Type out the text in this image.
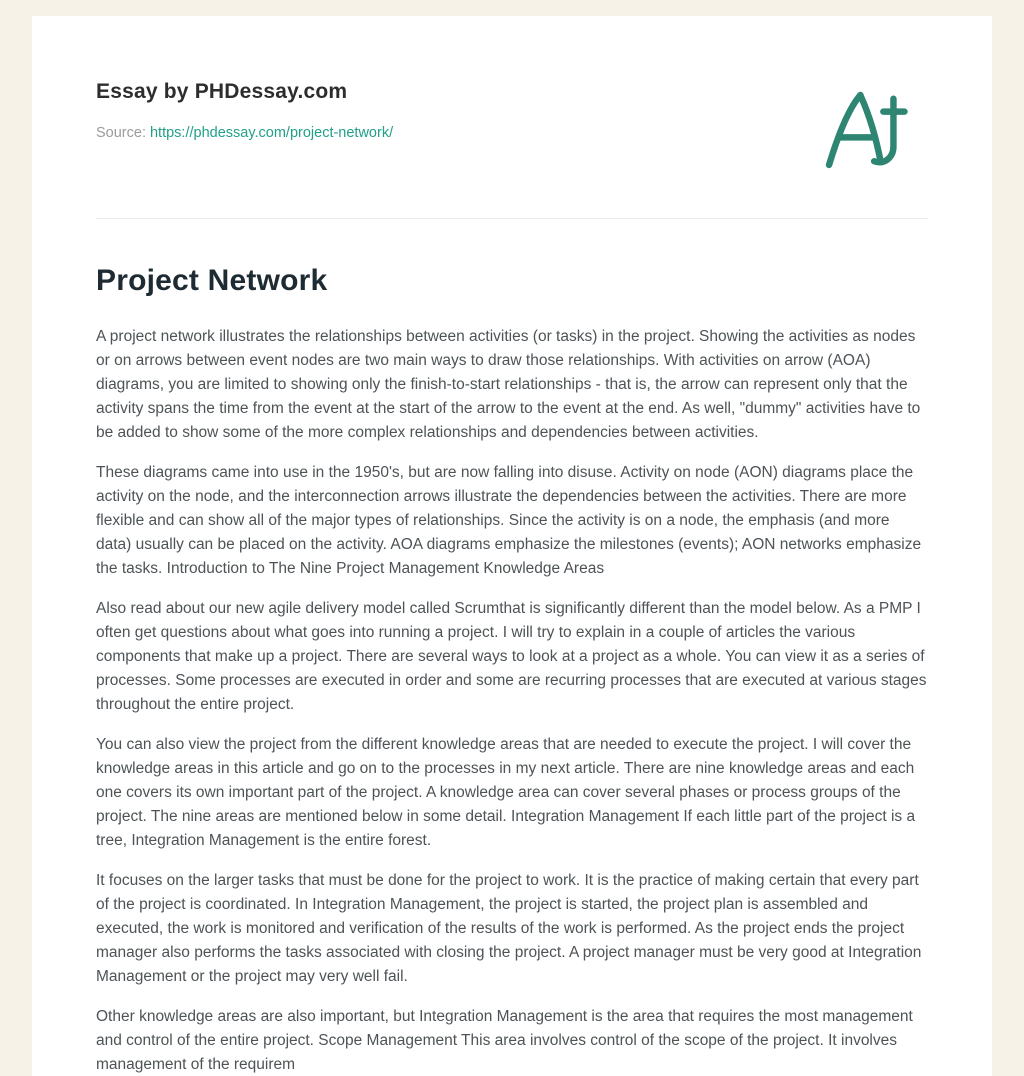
Essay by PHDessay.com
Source: https://phdessay.com/project-network/
Project Network

A project network illustrates the relationships between activities (or tasks) in the project. Showing the activities as nodes or on arrows between event nodes are two main ways to draw those relationships. With activities on arrow (AOA) diagrams, you are limited to showing only the finish-to-start relationships - that is, the arrow can represent only that the activity spans the time from the event at the start of the arrow to the event at the end. As well, "dummy" activities have to be added to show some of the more complex relationships and dependencies between activities.

These diagrams came into use in the 1950's, but are now falling into disuse. Activity on node (AON) diagrams place the activity on the node, and the interconnection arrows illustrate the dependencies between the activities. There are more flexible and can show all of the major types of relationships. Since the activity is on a node, the emphasis (and more data) usually can be placed on the activity. AOA diagrams emphasize the milestones (events); AON networks emphasize the tasks. Introduction to The Nine Project Management Knowledge Areas

Also read about our new agile delivery model called Scrumthat is significantly different than the model below. As a PMP I often get questions about what goes into running a project. I will try to explain in a couple of articles the various components that make up a project. There are several ways to look at a project as a whole. You can view it as a series of processes. Some processes are executed in order and some are recurring processes that are executed at various stages throughout the entire project.

You can also view the project from the different knowledge areas that are needed to execute the project. I will cover the knowledge areas in this article and go on to the processes in my next article. There are nine knowledge areas and each one covers its own important part of the project. A knowledge area can cover several phases or process groups of the project. The nine areas are mentioned below in some detail. Integration Management If each little part of the project is a tree, Integration Management is the entire forest.

It focuses on the larger tasks that must be done for the project to work. It is the practice of making certain that every part of the project is coordinated. In Integration Management, the project is started, the project plan is assembled and executed, the work is monitored and verification of the results of the work is performed. As the project ends the project manager also performs the tasks associated with closing the project. A project manager must be very good at Integration Management or the project may very well fail.

Other knowledge areas are also important, but Integration Management is the area that requires the most management and control of the entire project. Scope Management This area involves control of the scope of the project. It involves management of the requirem
